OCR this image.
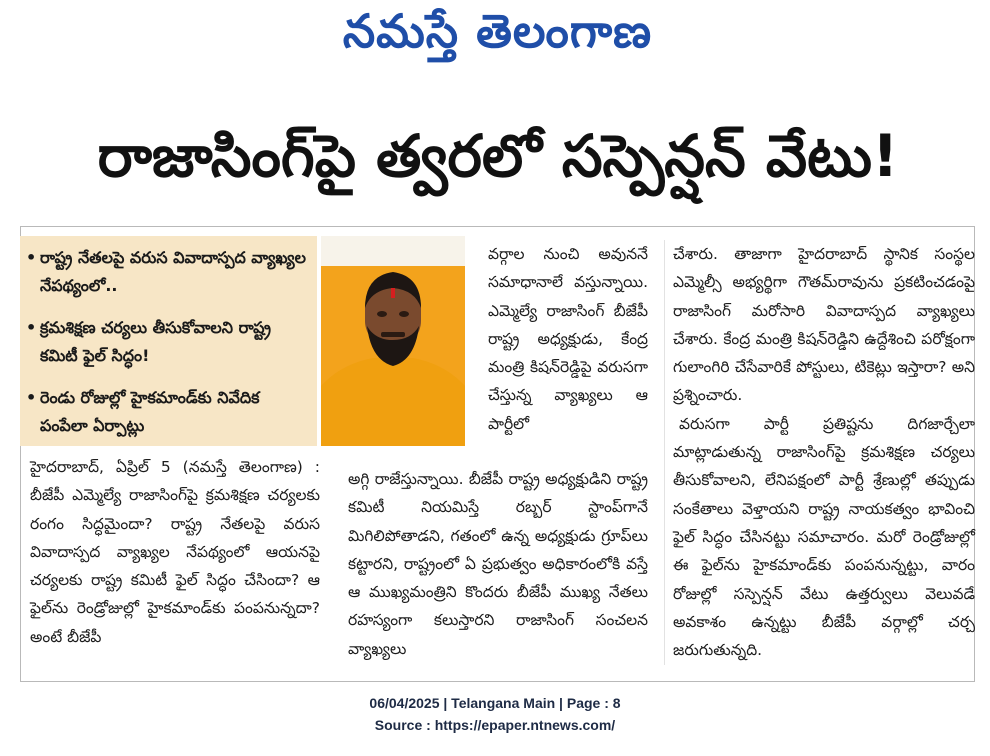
నమస్తే తెలంగాణ
రాజాసింగ్‌పై త్వరలో సస్పెన్షన్ వేటు!
• రాష్ట్ర నేతలపై వరుస వివాదాస్పద వ్యాఖ్యల నేపథ్యంలో..
• క్రమశిక్షణ చర్యలు తీసుకోవాలని రాష్ట్ర కమిటీ ఫైల్ సిద్ధం!
• రెండు రోజుల్లో హైకమాండ్‌కు నివేదిక పంపేలా ఏర్పాట్లు

వర్గాల నుంచి అవుననే సమాధానాలే వస్తున్నాయి. ఎమ్మెల్యే రాజాసింగ్ బీజేపీ రాష్ట్ర అధ్యక్షుడు, కేంద్ర మంత్రి కిషన్‌రెడ్డిపై వరుసగా చేస్తున్న వ్యాఖ్యలు ఆ పార్టీలో

హైదరాబాద్, ఏప్రిల్ 5 (నమస్తే తెలంగాణ) : బీజేపీ ఎమ్మెల్యే రాజాసింగ్‌పై క్రమశిక్షణ చర్యలకు రంగం సిద్ధమైందా? రాష్ట్ర నేతలపై వరుస వివాదాస్పద వ్యాఖ్యల నేపథ్యంలో ఆయనపై చర్యలకు రాష్ట్ర కమిటీ ఫైల్ సిద్ధం చేసిందా? ఆ ఫైల్‌ను రెండ్రోజుల్లో హైకమాండ్‌కు పంపనున్నదా? అంటే బీజేపీ

అగ్గి రాజేస్తున్నాయి. బీజేపీ రాష్ట్ర అధ్యక్షుడిని రాష్ట్ర కమిటీ నియమిస్తే రబ్బర్ స్టాంప్‌గానే మిగిలిపోతాడని, గతంలో ఉన్న అధ్యక్షుడు గ్రూప్‌లు కట్టారని, రాష్ట్రంలో ఏ ప్రభుత్వం అధికారంలోకి వస్తే ఆ ముఖ్యమంత్రిని కొందరు బీజేపీ ముఖ్య నేతలు రహస్యంగా కలుస్తారని రాజాసింగ్ సంచలన వ్యాఖ్యలు

చేశారు. తాజాగా హైదరాబాద్ స్థానిక సంస్థల ఎమ్మెల్సీ అభ్యర్థిగా గౌతమ్‌రావును ప్రకటించడంపై రాజాసింగ్ మరోసారి వివాదాస్పద వ్యాఖ్యలు చేశారు. కేంద్ర మంత్రి కిషన్‌రెడ్డిని ఉద్దేశించి పరోక్షంగా గులాంగిరి చేసేవారికే పోస్టులు, టికెట్లు ఇస్తారా? అని ప్రశ్నించారు.

వరుసగా పార్టీ ప్రతిష్టను దిగజార్చేలా మాట్లాడుతున్న రాజాసింగ్‌పై క్రమశిక్షణ చర్యలు తీసుకోవాలని, లేనిపక్షంలో పార్టీ శ్రేణుల్లో తప్పుడు సంకేతాలు వెళ్తాయని రాష్ట్ర నాయకత్వం భావించి ఫైల్ సిద్ధం చేసినట్టు సమాచారం. మరో రెండ్రోజుల్లో ఈ ఫైల్‌ను హైకమాండ్‌కు పంపనున్నట్టు, వారం రోజుల్లో సస్పెన్షన్ వేటు ఉత్తర్వులు వెలువడే అవకాశం ఉన్నట్టు బీజేపీ వర్గాల్లో చర్చ జరుగుతున్నది.

06/04/2025 | Telangana Main | Page : 8
Source : https://epaper.ntnews.com/
